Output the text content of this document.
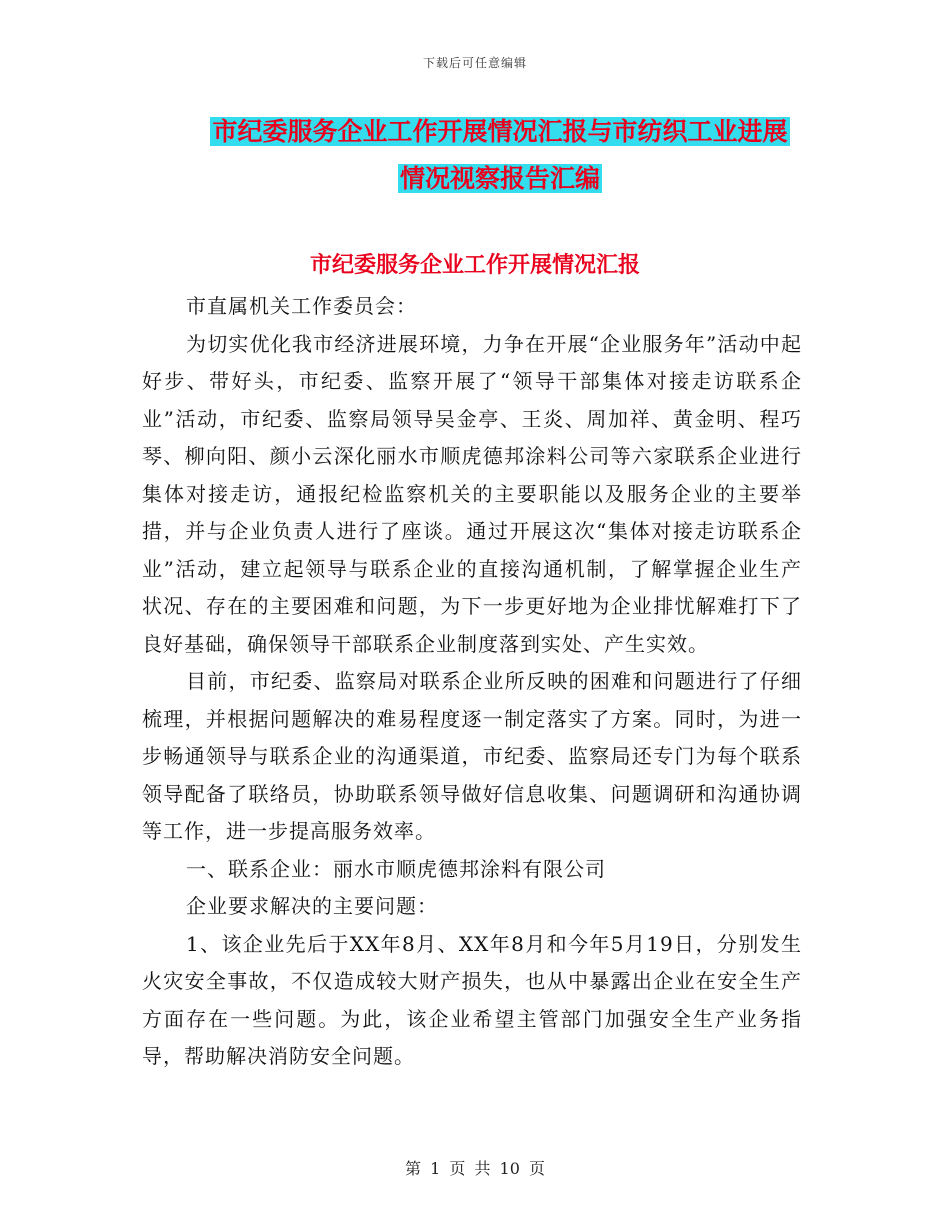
下载后可任意编辑
市纪委服务企业工作开展情况汇报与市纺织工业进展
情况视察报告汇编
市纪委服务企业工作开展情况汇报

市直属机关工作委员会：

为切实优化我市经济进展环境，力争在开展“企业服务年”活动中起好步、带好头，市纪委、监察开展了“领导干部集体对接走访联系企业”活动，市纪委、监察局领导吴金亭、王炎、周加祥、黄金明、程巧琴、柳向阳、颜小云深化丽水市顺虎德邦涂料公司等六家联系企业进行集体对接走访，通报纪检监察机关的主要职能以及服务企业的主要举措，并与企业负责人进行了座谈。通过开展这次“集体对接走访联系企业”活动，建立起领导与联系企业的直接沟通机制，了解掌握企业生产状况、存在的主要困难和问题，为下一步更好地为企业排忧解难打下了良好基础，确保领导干部联系企业制度落到实处、产生实效。

目前，市纪委、监察局对联系企业所反映的困难和问题进行了仔细梳理，并根据问题解决的难易程度逐一制定落实了方案。同时，为进一步畅通领导与联系企业的沟通渠道，市纪委、监察局还专门为每个联系领导配备了联络员，协助联系领导做好信息收集、问题调研和沟通协调等工作，进一步提高服务效率。

一、联系企业：丽水市顺虎德邦涂料有限公司

企业要求解决的主要问题：

1、该企业先后于XX年8月、XX年8月和今年5月19日，分别发生火灾安全事故，不仅造成较大财产损失，也从中暴露出企业在安全生产方面存在一些问题。为此，该企业希望主管部门加强安全生产业务指导，帮助解决消防安全问题。

第 1 页 共 10 页
